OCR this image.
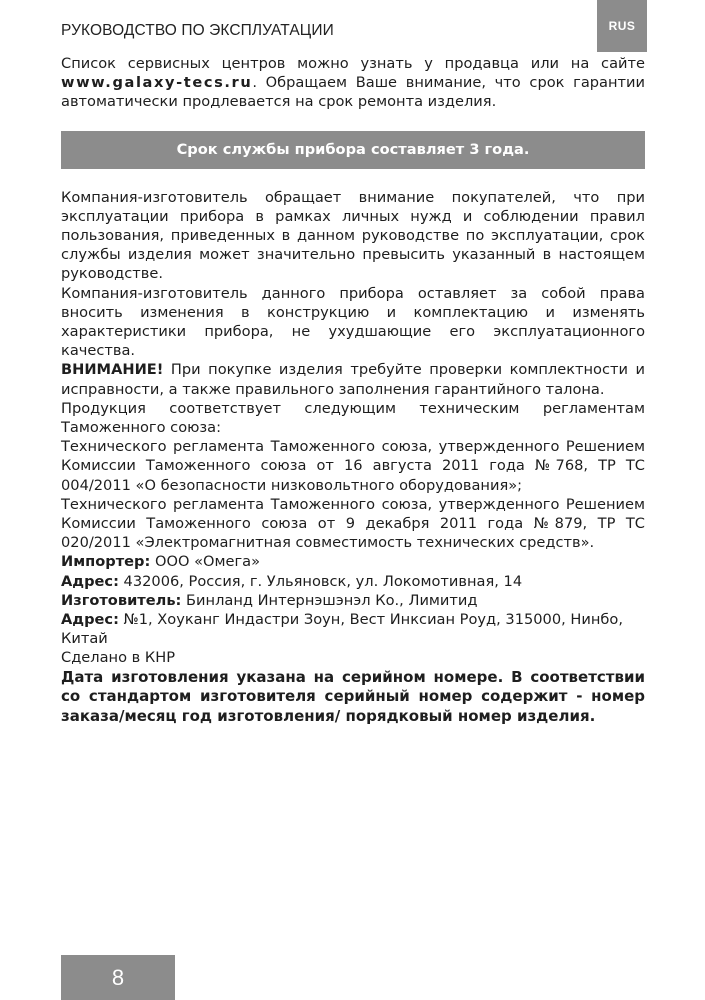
РУКОВОДСТВО ПО ЭКСПЛУАТАЦИИ	RUS

Список сервисных центров можно узнать у продавца или на сайте www.galaxy-tecs.ru. Обращаем Ваше внимание, что срок гарантии автоматически продлевается на срок ремонта изделия.

Срок службы прибора составляет 3 года.

Компания-изготовитель обращает внимание покупателей, что при эксплуатации прибора в рамках личных нужд и соблюдении правил пользования, приведенных в данном руководстве по эксплуатации, срок службы изделия может значительно превысить указанный в настоящем руководстве.

Компания-изготовитель данного прибора оставляет за собой права вносить изменения в конструкцию и комплектацию и изменять характеристики прибора, не ухудшающие его эксплуатационного качества.

ВНИМАНИЕ! При покупке изделия требуйте проверки комплектности и исправности, а также правильного заполнения гарантийного талона.

Продукция соответствует следующим техническим регламентам Таможенного союза:

Технического регламента Таможенного союза, утвержденного Решением Комиссии Таможенного союза от 16 августа 2011 года №768, ТР ТС 004/2011 «О безопасности низковольтного оборудования»;

Технического регламента Таможенного союза, утвержденного Решением Комиссии Таможенного союза от 9 декабря 2011 года №879, ТР ТС 020/2011 «Электромагнитная совместимость технических средств».

Импортер: ООО «Омега»

Адрес: 432006, Россия, г. Ульяновск, ул. Локомотивная, 14

Изготовитель: Бинланд Интернэшэнэл Ко., Лимитид

Адрес: №1, Хоуканг Индастри Зоун, Вест Инксиан Роуд, 315000, Нинбо, Китай

Сделано в КНР

Дата изготовления указана на серийном номере. В соответствии со стандартом изготовителя серийный номер содержит - номер заказа/месяц год изготовления/ порядковый номер изделия.

8
